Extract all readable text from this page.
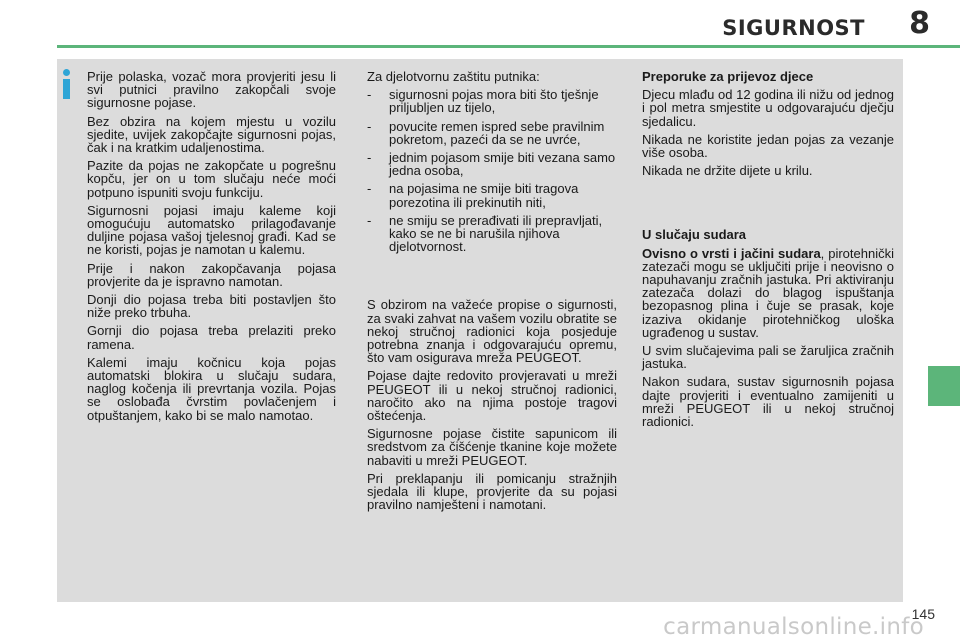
SIGURNOST 8

Prije polaska, vozač mora provjeriti jesu li svi putnici pravilno zakopčali svoje sigurnosne pojase.

Bez obzira na kojem mjestu u vozilu sjedite, uvijek zakopčajte sigurnosni pojas, čak i na kratkim udaljenostima.

Pazite da pojas ne zakopčate u pogrešnu kopču, jer on u tom slučaju neće moći potpuno ispuniti svoju funkciju.

Sigurnosni pojasi imaju kaleme koji omogućuju automatsko prilagođavanje duljine pojasa vašoj tjelesnoj građi. Kad se ne koristi, pojas je namotan u kalemu.

Prije i nakon zakopčavanja pojasa provjerite da je ispravno namotan.

Donji dio pojasa treba biti postavljen što niže preko trbuha.

Gornji dio pojasa treba prelaziti preko ramena.

Kalemi imaju kočnicu koja pojas automatski blokira u slučaju sudara, naglog kočenja ili prevrtanja vozila. Pojas se oslobađa čvrstim povlačenjem i otpuštanjem, kako bi se malo namotao.

Za djelotvornu zaštitu putnika:

- sigurnosni pojas mora biti što tješnje priljubljen uz tijelo,
- povucite remen ispred sebe pravilnim pokretom, pazeći da se ne uvrće,
- jednim pojasom smije biti vezana samo jedna osoba,
- na pojasima ne smije biti tragova porezotina ili prekinutih niti,
- ne smiju se prerađivati ili prepravljati, kako se ne bi narušila njihova djelotvornost.

S obzirom na važeće propise o sigurnosti, za svaki zahvat na vašem vozilu obratite se nekoj stručnoj radionici koja posjeduje potrebna znanja i odgovarajuću opremu, što vam osigurava mreža PEUGEOT.

Pojase dajte redovito provjeravati u mreži PEUGEOT ili u nekoj stručnoj radionici, naročito ako na njima postoje tragovi oštećenja.

Sigurnosne pojase čistite sapunicom ili sredstvom za čišćenje tkanine koje možete nabaviti u mreži PEUGEOT.

Pri preklapanju ili pomicanju stražnjih sjedala ili klupe, provjerite da su pojasi pravilno namješteni i namotani.

Preporuke za prijevoz djece

Djecu mlađu od 12 godina ili nižu od jednog i pol metra smjestite u odgovarajuću dječju sjedalicu.

Nikada ne koristite jedan pojas za vezanje više osoba.

Nikada ne držite dijete u krilu.

U slučaju sudara

Ovisno o vrsti i jačini sudara, pirotehnički zatezači mogu se uključiti prije i neovisno o napuhavanju zračnih jastuka. Pri aktiviranju zatezača dolazi do blagog ispuštanja bezopasnog plina i čuje se prasak, koje izaziva okidanje pirotehničkog uloška ugrađenog u sustav.

U svim slučajevima pali se žaruljica zračnih jastuka.

Nakon sudara, sustav sigurnosnih pojasa dajte provjeriti i eventualno zamijeniti u mreži PEUGEOT ili u nekoj stručnoj radionici.

145
carmanualsonline.info
